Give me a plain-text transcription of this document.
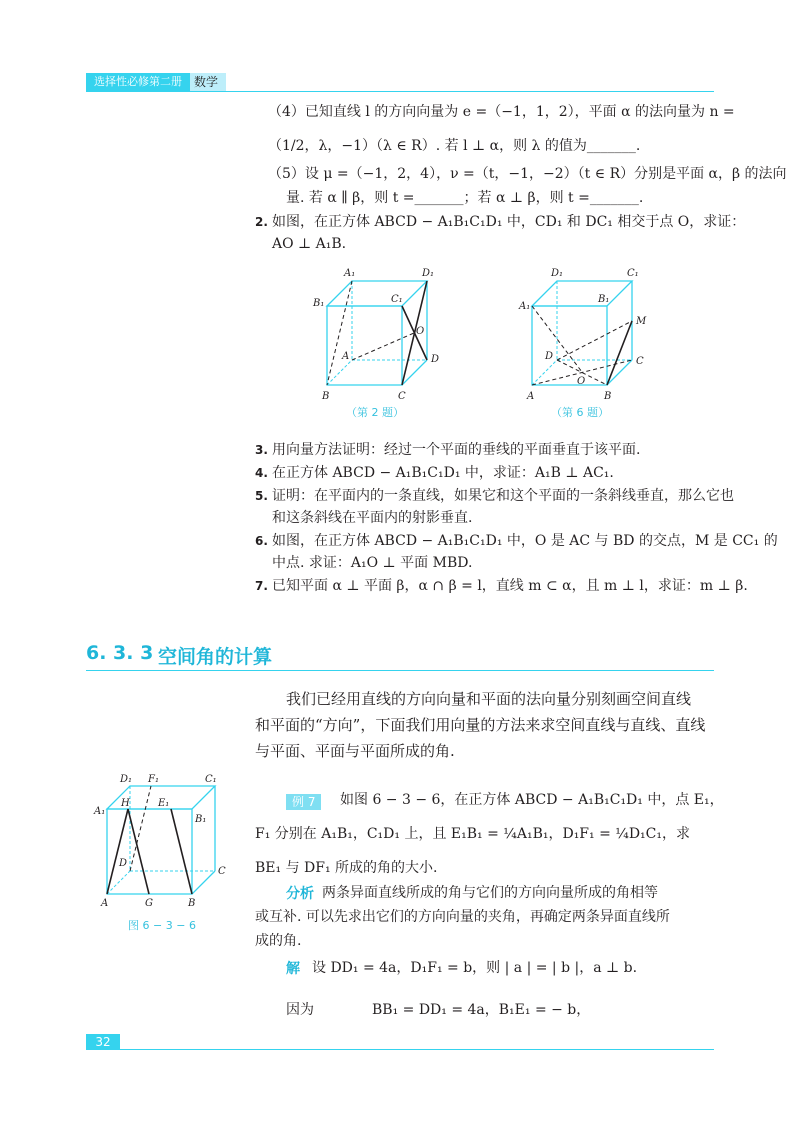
选择性必修第二册	数学
（4）已知直线 l 的方向向量为 e =（−1，1，2），平面 α 的法向量为 n =
（1/2，λ，−1）（λ ∈ R）. 若 l ⊥ α，则 λ 的值为_______.
（5）设 μ =（−1，2，4），ν =（t，−1，−2）（t ∈ R）分别是平面 α，β 的法向
量. 若 α ∥ β，则 t =_______；若 α ⊥ β，则 t =_______.
2. 如图，在正方体 ABCD − A₁B₁C₁D₁ 中，CD₁ 和 DC₁ 相交于点 O，求证：
AO ⊥ A₁B.
A₁	D₁
B₁	C₁
O
A	D
B	C
（第 2 题）
D₁	C₁
A₁
B₁
M
D	C
O
A	B
（第 6 题）
3. 用向量方法证明：经过一个平面的垂线的平面垂直于该平面.
4. 在正方体 ABCD − A₁B₁C₁D₁ 中，求证：A₁B ⊥ AC₁.
5. 证明：在平面内的一条直线，如果它和这个平面的一条斜线垂直，那么它也
和这条斜线在平面内的射影垂直.
6. 如图，在正方体 ABCD − A₁B₁C₁D₁ 中，O 是 AC 与 BD 的交点，M 是 CC₁ 的
中点. 求证：A₁O ⊥ 平面 MBD.
7. 已知平面 α ⊥ 平面 β，α ∩ β = l，直线 m ⊂ α，且 m ⊥ l，求证：m ⊥ β.
6. 3. 3 空间角的计算
我们已经用直线的方向向量和平面的法向量分别刻画空间直线
和平面的“方向”，下面我们用向量的方法来求空间直线与直线、直线
与平面、平面与平面所成的角.
D₁ F₁	C₁
A₁
H	E₁
B₁
D
C
A	G	B
图 6 − 3 − 6
例 7	如图 6 − 3 − 6，在正方体 ABCD − A₁B₁C₁D₁ 中，点 E₁，
F₁ 分别在 A₁B₁，C₁D₁ 上，且 E₁B₁ = ¼A₁B₁，D₁F₁ = ¼D₁C₁，求
BE₁ 与 DF₁ 所成的角的大小.
分析 两条异面直线所成的角与它们的方向向量所成的角相等
或互补. 可以先求出它们的方向向量的夹角，再确定两条异面直线所
成的角.
解 设 DD₁ = 4a，D₁F₁ = b，则 | a | = | b |，a ⊥ b.
因为	BB₁ = DD₁ = 4a，B₁E₁ = − b，
32
